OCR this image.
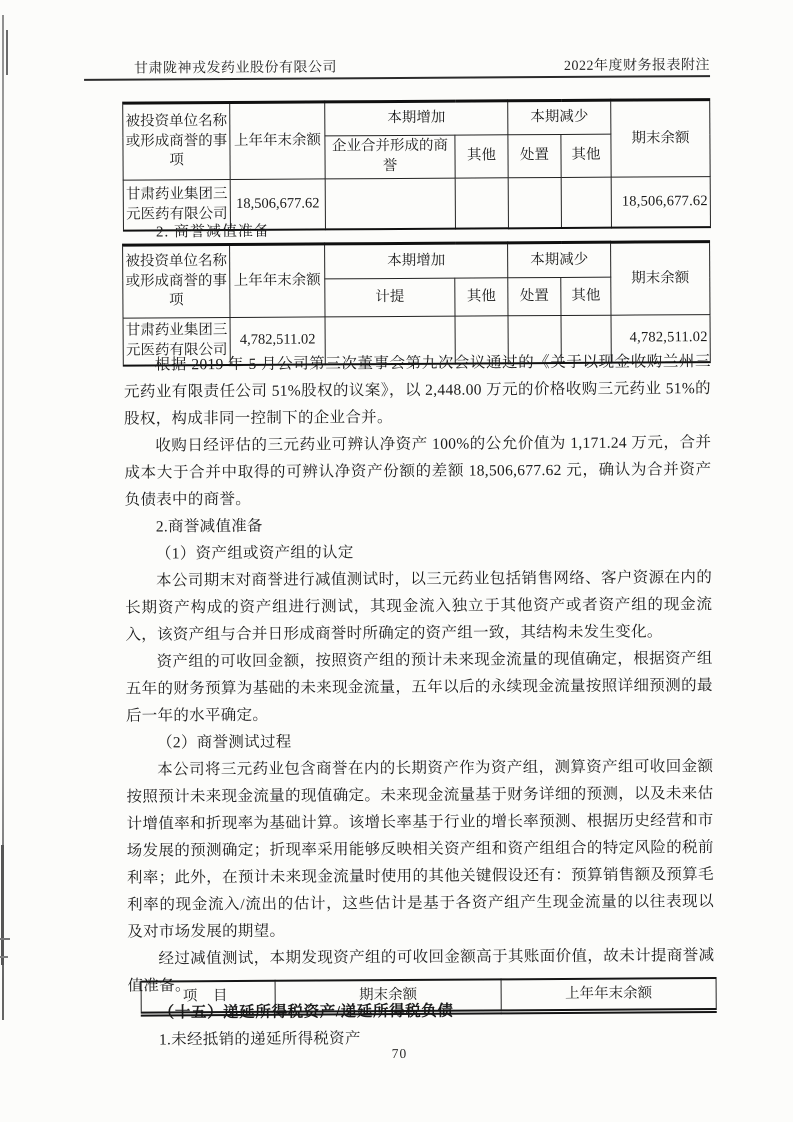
甘肃陇神戎发药业股份有限公司	2022年度财务报表附注
被投资单位名称或形成商誉的事项	上年年末余额	本期增加		本期减少		期末余额
		企业合并形成的商誉	其他	处置	其他	
甘肃药业集团三元医药有限公司	18,506,677.62					18,506,677.62
2. 商誉减值准备
被投资单位名称或形成商誉的事项	上年年末余额	本期增加		本期减少		期末余额
		计提	其他	处置	其他	
甘肃药业集团三元医药有限公司	4,782,511.02					4,782,511.02

根据 2019 年 5 月公司第三次董事会第九次会议通过的《关于以现金收购兰州三元药业有限责任公司 51%股权的议案》，以 2,448.00 万元的价格收购三元药业 51%的股权，构成非同一控制下的企业合并。

收购日经评估的三元药业可辨认净资产 100%的公允价值为 1,171.24 万元，合并成本大于合并中取得的可辨认净资产份额的差额 18,506,677.62 元，确认为合并资产负债表中的商誉。

2.商誉减值准备

（1）资产组或资产组的认定

本公司期末对商誉进行减值测试时，以三元药业包括销售网络、客户资源在内的长期资产构成的资产组进行测试，其现金流入独立于其他资产或者资产组的现金流入，该资产组与合并日形成商誉时所确定的资产组一致，其结构未发生变化。

资产组的可收回金额，按照资产组的预计未来现金流量的现值确定，根据资产组五年的财务预算为基础的未来现金流量，五年以后的永续现金流量按照详细预测的最后一年的水平确定。

（2）商誉测试过程

本公司将三元药业包含商誉在内的长期资产作为资产组，测算资产组可收回金额按照预计未来现金流量的现值确定。未来现金流量基于财务详细的预测，以及未来估计增值率和折现率为基础计算。该增长率基于行业的增长率预测、根据历史经营和市场发展的预测确定；折现率采用能够反映相关资产组和资产组组合的特定风险的税前利率；此外，在预计未来现金流量时使用的其他关键假设还有：预算销售额及预算毛利率的现金流入/流出的估计，这些估计是基于各资产组产生现金流量的以往表现以及对市场发展的期望。

经过减值测试，本期发现资产组的可收回金额高于其账面价值，故未计提商誉减值准备。

（十五）递延所得税资产/递延所得税负债

1.未经抵销的递延所得税资产

项 目	期末余额	上年年末余额
70
